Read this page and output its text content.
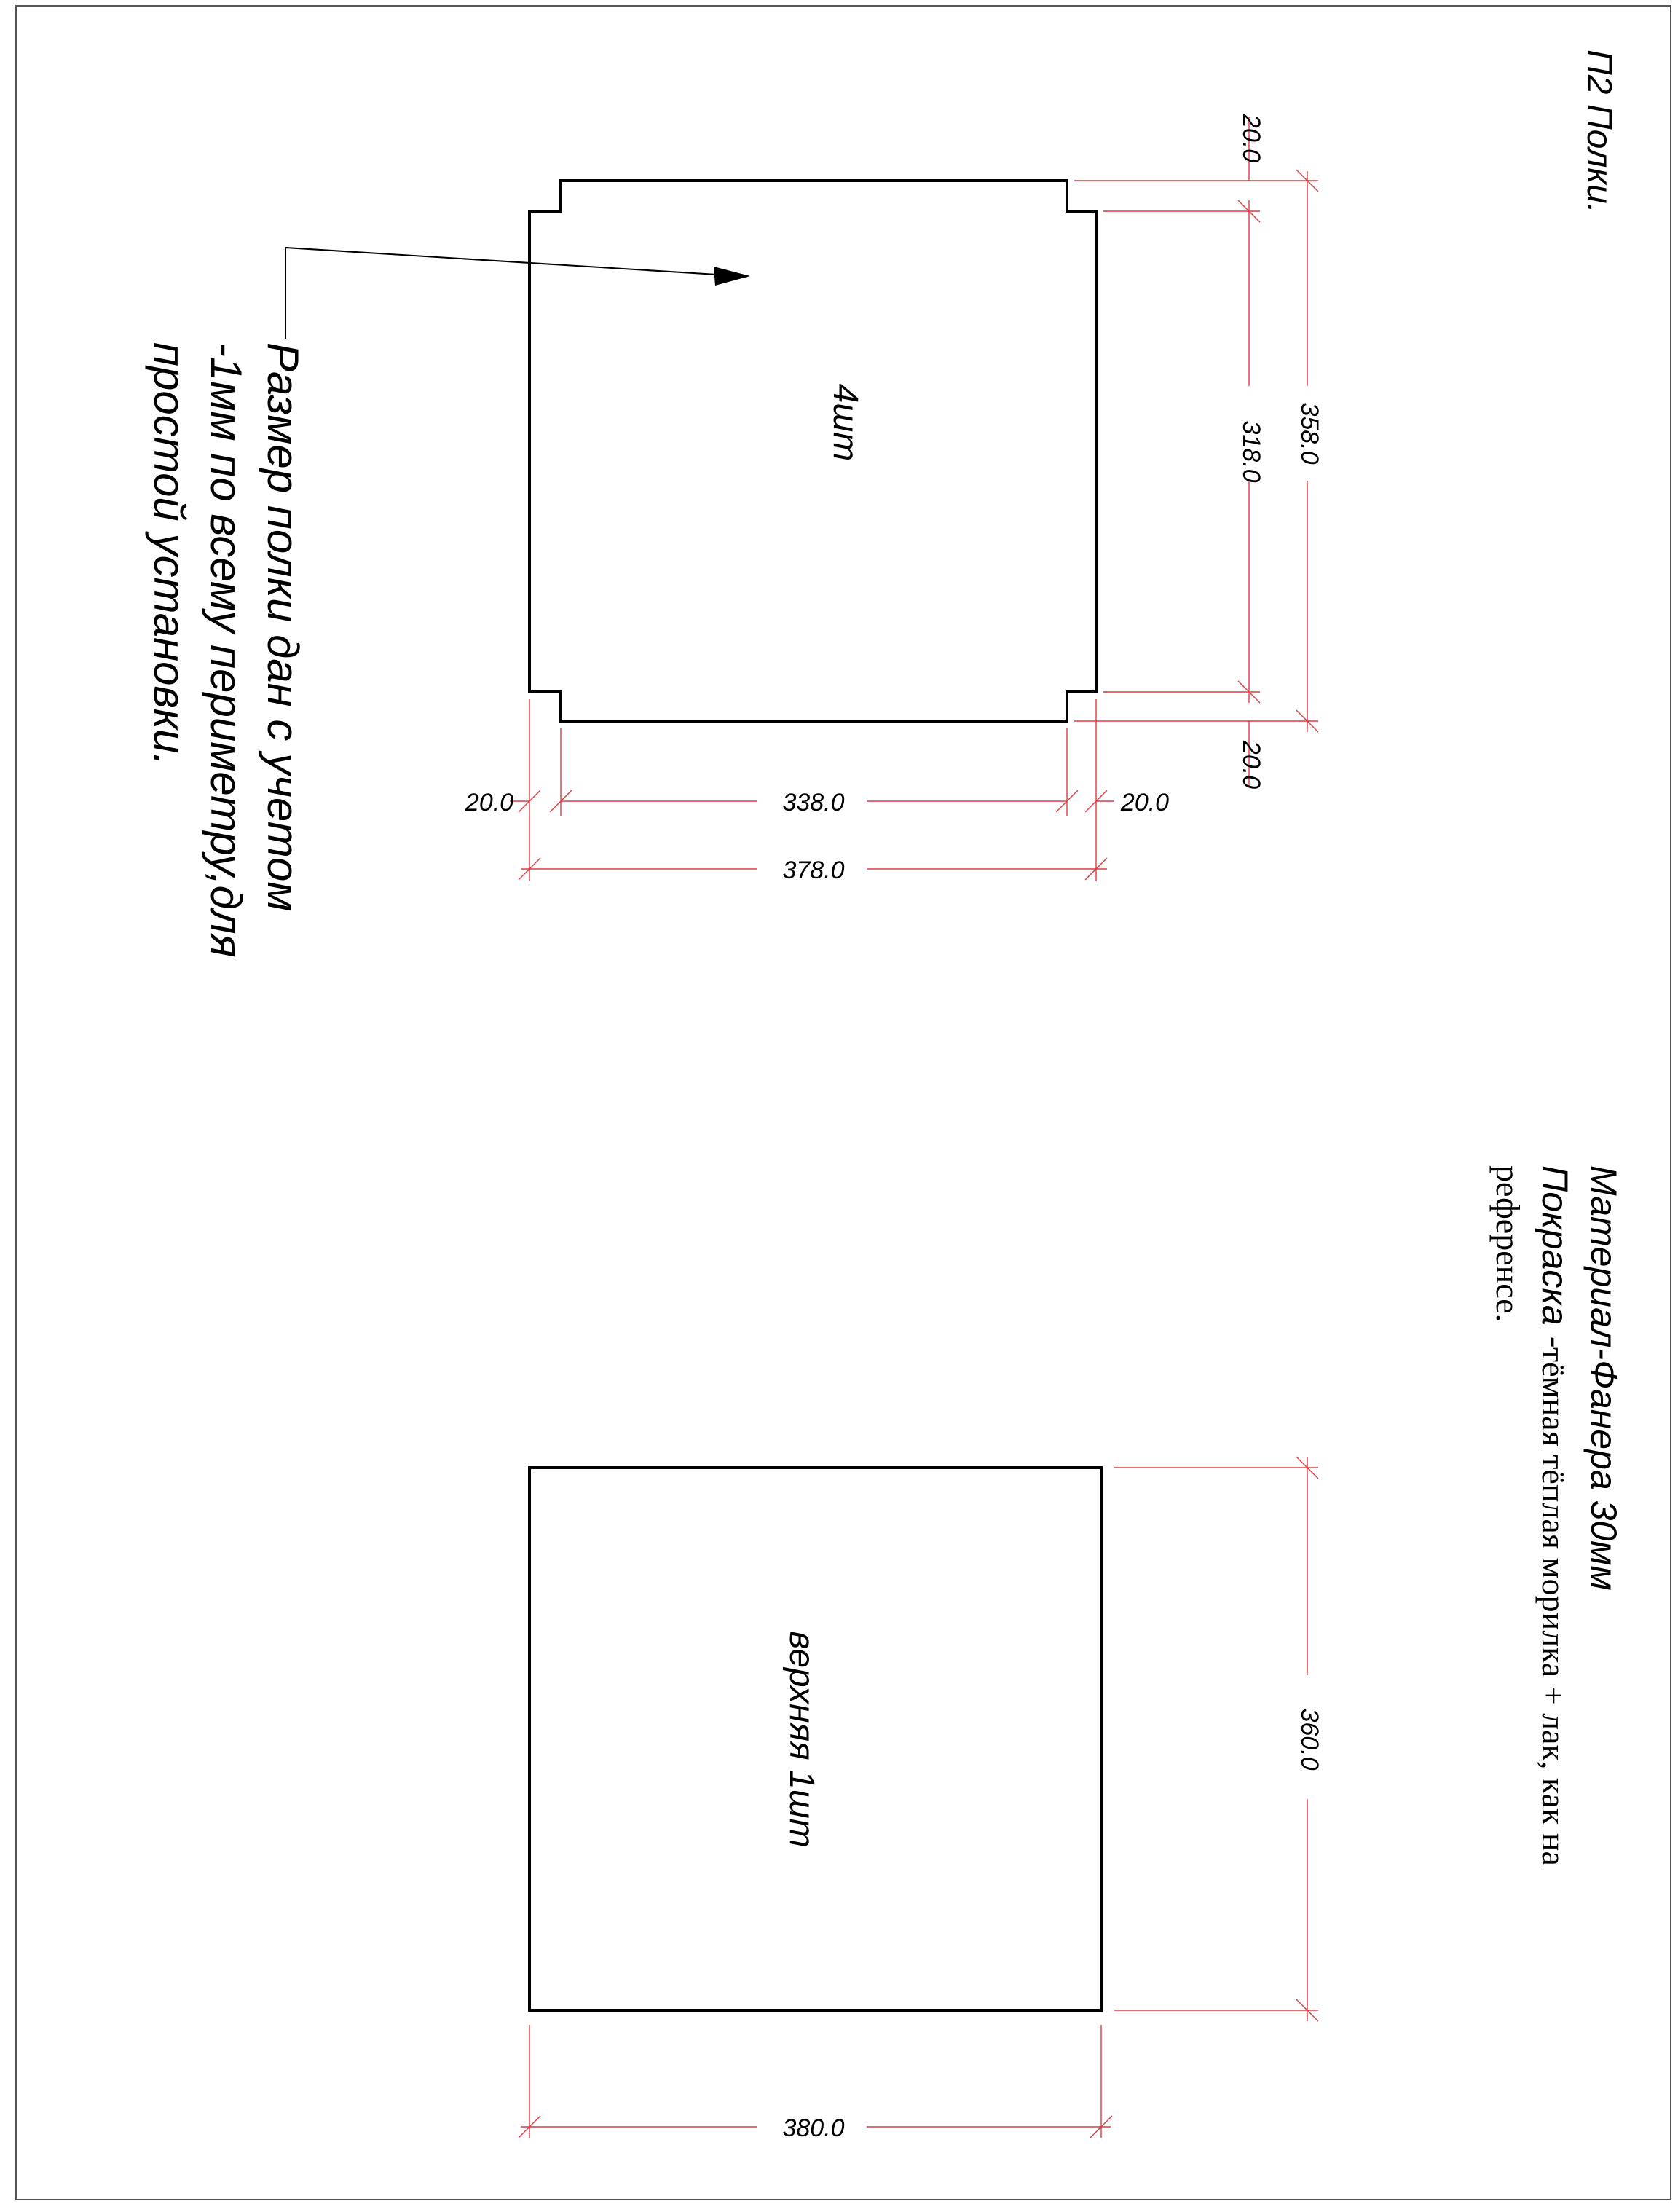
4шт	358.0
318.0
20.0
20.0
338.0
20.0	20.0
378.0
верхняя 1шт	360.0
380.0
П2 Полки.
Материал-Фанера 30мм
Покраска -
тёмная тёплая морилка + лак, как на
референсе.
Размер полки дан с учетом
-1мм по всему периметру,для
простой установки.
